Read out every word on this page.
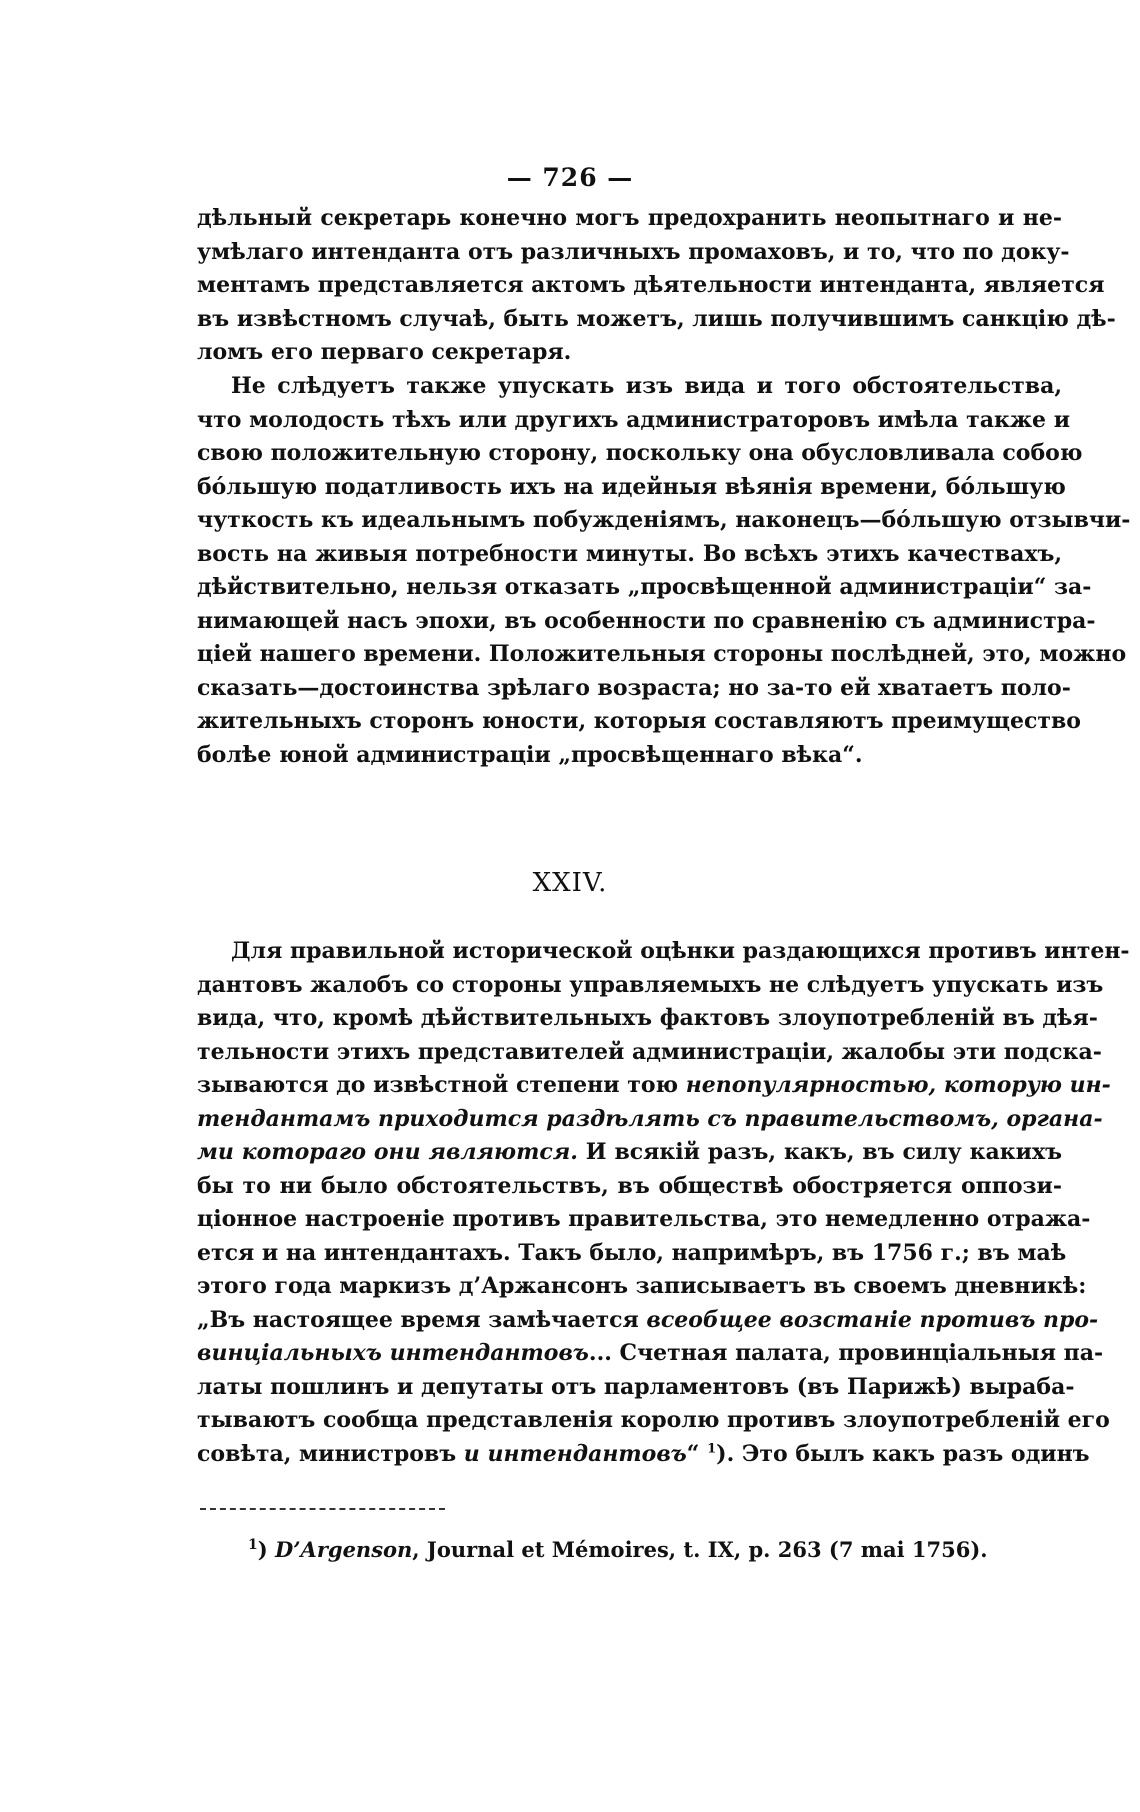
— 726 —
дѣльный секретарь конечно могъ предохранить неопытнаго и не-
умѣлаго интенданта отъ различныхъ промаховъ, и то, что по доку-
ментамъ представляется актомъ дѣятельности интенданта, является
въ извѣстномъ случаѣ, быть можетъ, лишь получившимъ санкцію дѣ-
ломъ его перваго секретаря.
Не слѣдуетъ также упускать изъ вида и того обстоятельства,
что молодость тѣхъ или другихъ администраторовъ имѣла также и
свою положительную сторону, поскольку она обусловливала собою
бóльшую податливость ихъ на идейныя вѣянія времени, бóльшую
чуткость къ идеальнымъ побужденіямъ, наконецъ—бóльшую отзывчи-
вость на живыя потребности минуты. Во всѣхъ этихъ качествахъ,
дѣйствительно, нельзя отказать „просвѣщенной администраціи“ за-
нимающей насъ эпохи, въ особенности по сравненію съ администра-
ціей нашего времени. Положительныя стороны послѣдней, это, можно
сказать—достоинства зрѣлаго возраста; но за-то ей хватаетъ поло-
жительныхъ сторонъ юности, которыя составляютъ преимущество
болѣе юной администраціи „просвѣщеннаго вѣка“.
XXIV.
Для правильной исторической оцѣнки раздающихся противъ интен-
дантовъ жалобъ со стороны управляемыхъ не слѣдуетъ упускать изъ
вида, что, кромѣ дѣйствительныхъ фактовъ злоупотребленій въ дѣя-
тельности этихъ представителей администраціи, жалобы эти подска-
зываются до извѣстной степени тою непопулярностью, которую ин-
тендантамъ приходится раздѣлять съ правительствомъ, органа-
ми котораго они являются. И всякій разъ, какъ, въ силу какихъ
бы то ни было обстоятельствъ, въ обществѣ обостряется оппози-
ціонное настроеніе противъ правительства, это немедленно отража-
ется и на интендантахъ. Такъ было, напримѣръ, въ 1756 г.; въ маѣ
этого года маркизъ д’Аржансонъ записываетъ въ своемъ дневникѣ:
„Въ настоящее время замѣчается всеобщее возстаніе противъ про-
винціальныхъ интендантовъ... Счетная палата, провинціальныя па-
латы пошлинъ и депутаты отъ парламентовъ (въ Парижѣ) выраба-
тываютъ сообща представленія королю противъ злоупотребленій его
совѣта, министровъ и интендантовъ“ $^1$). Это былъ какъ разъ одинъ
$^1$) D’Argenson, Journal et Mémoires, t. IX, p. 263 (7 mai 1756).
